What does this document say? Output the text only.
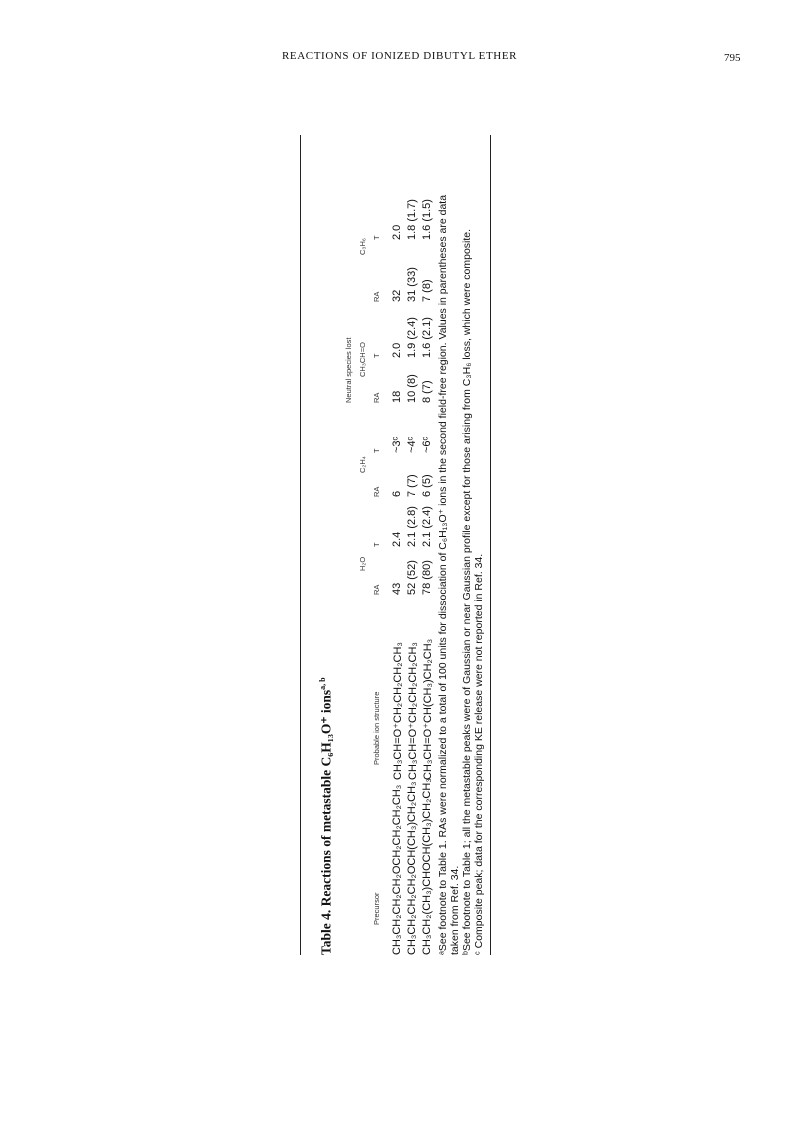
REACTIONS OF IONIZED DIBUTYL ETHER	795
Table 4. Reactions of metastable C₆H₁₃O⁺ ions$^{a, b}$
Neutral species lost
H₂O
C₂H₄
CH₃CH=O
C₃H₆
Precursor
Probable ion structure
RA
T
RA
T
RA
T
RA
T
CH₃CH₂CH₂CH₂OCH₂CH₂CH₂CH₃
CH₃CH=O⁺CH₂CH₂CH₂CH₃
43
2.4
6
~3ᶜ
18
2.0
32
2.0
CH₃CH₂CH₂CH₂OCH(CH₃)CH₂CH₃
CH₃CH=O⁺CH₂CH₂CH₂CH₃
52 (52)
2.1 (2.8)
7 (7)
~4ᶜ
10 (8)
1.9 (2.4)
31 (33)
1.8 (1.7)
CH₃CH₂(CH₃)CHOCH(CH₃)CH₂CH₃
CH₃CH=O⁺CH(CH₃)CH₂CH₃
78 (80)
2.1 (2.4)
6 (5)
~6ᶜ
8 (7)
1.6 (2.1)
7 (8)
1.6 (1.5) ᵃSee footnote to Table 1. RAs were normalized to a total of 100 units for dissociation of C₆H₁₃O⁺ ions in the second field-free region. Values in parentheses are data taken from Ref. 34. ᵇSee footnote to Table 1; all the metastable peaks were of Gaussian or near Gaussian profile except for those arising from C₃H₆ loss, which were composite. ᶜ Composite peak; data for the corresponding KE release were not reported in Ref. 34.
